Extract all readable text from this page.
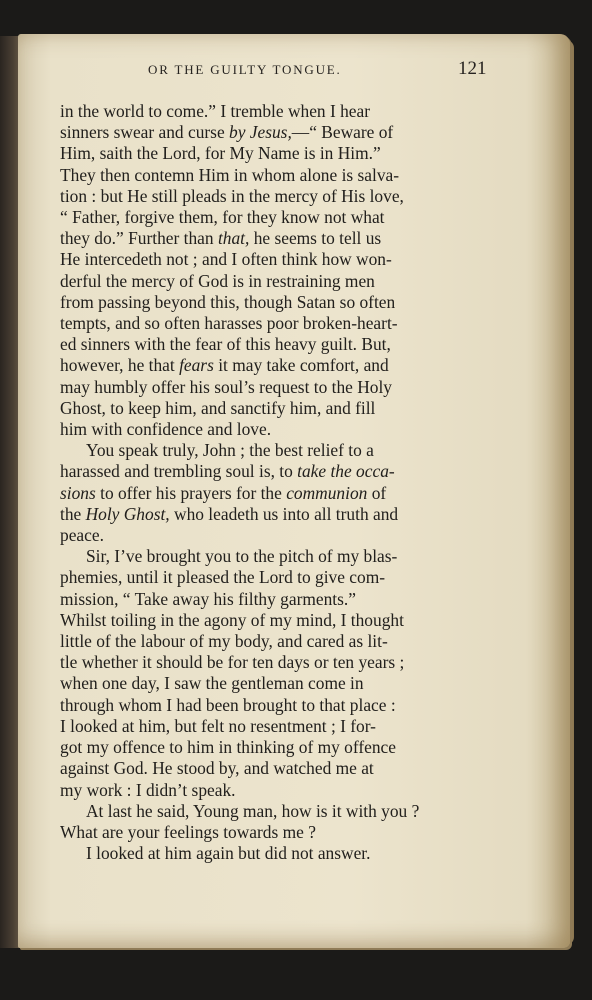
OR THE GUILTY TONGUE.	121
in the world to come.” I tremble when I hear
sinners swear and curse by Jesus,—“ Beware of
Him, saith the Lord, for My Name is in Him.”
They then contemn Him in whom alone is salva-
tion : but He still pleads in the mercy of His love,
“ Father, forgive them, for they know not what
they do.” Further than that, he seems to tell us
He intercedeth not ; and I often think how won-
derful the mercy of God is in restraining men
from passing beyond this, though Satan so often
tempts, and so often harasses poor broken-heart-
ed sinners with the fear of this heavy guilt. But,
however, he that fears it may take comfort, and
may humbly offer his soul’s request to the Holy
Ghost, to keep him, and sanctify him, and fill
him with confidence and love.
You speak truly, John ; the best relief to a
harassed and trembling soul is, to take the occa-
sions to offer his prayers for the communion of
the Holy Ghost, who leadeth us into all truth and
peace.
Sir, I’ve brought you to the pitch of my blas-
phemies, until it pleased the Lord to give com-
mission, “ Take away his filthy garments.”
Whilst toiling in the agony of my mind, I thought
little of the labour of my body, and cared as lit-
tle whether it should be for ten days or ten years ;
when one day, I saw the gentleman come in
through whom I had been brought to that place :
I looked at him, but felt no resentment ; I for-
got my offence to him in thinking of my offence
against God. He stood by, and watched me at
my work : I didn’t speak.
At last he said, Young man, how is it with you ?
What are your feelings towards me ?
I looked at him again but did not answer.
